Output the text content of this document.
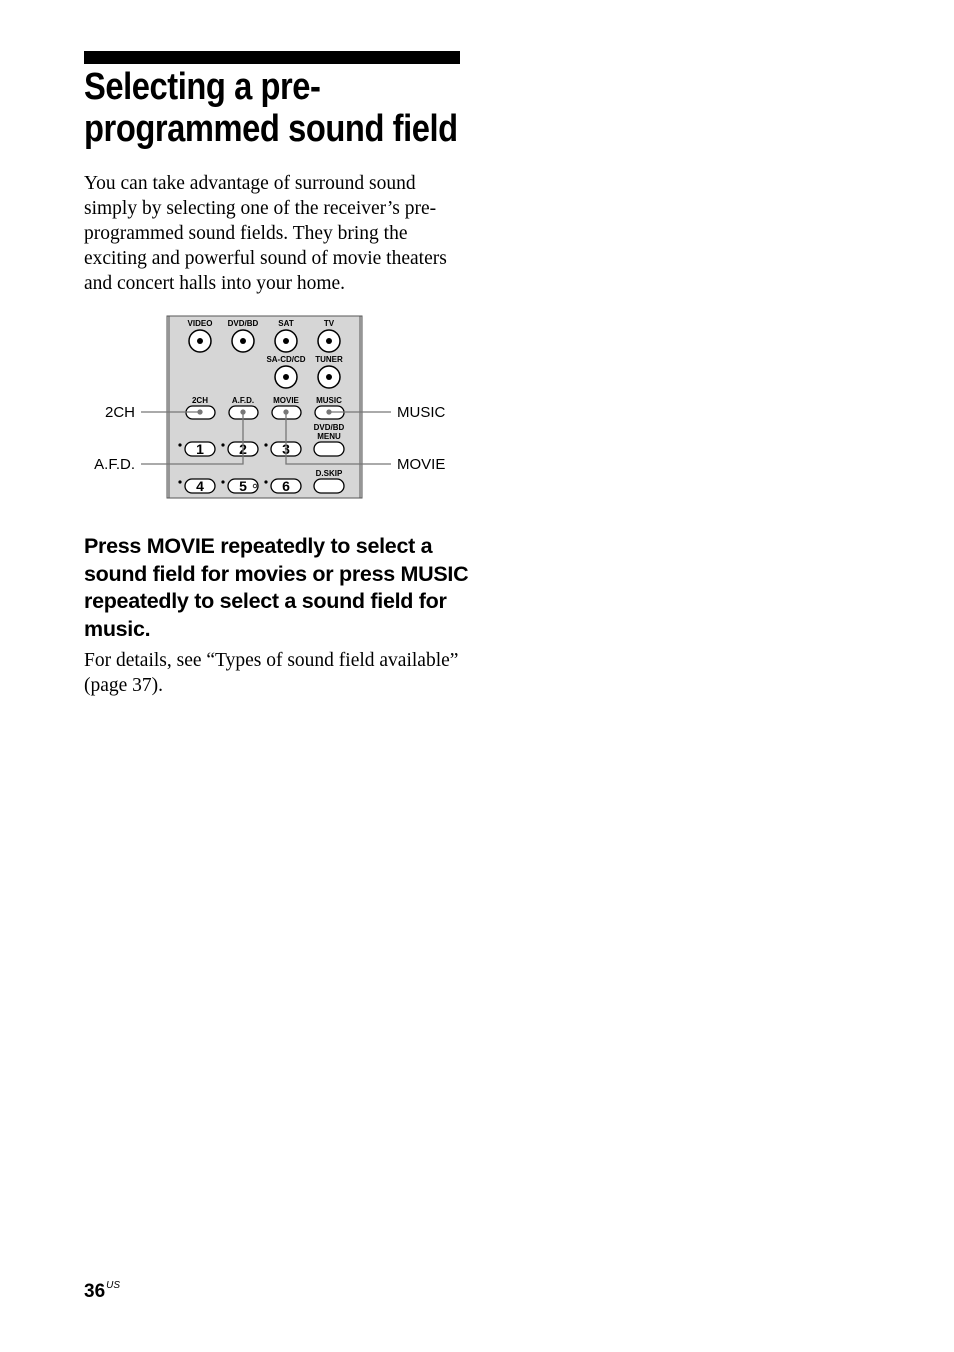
Selecting a pre-programmed sound field

You can take advantage of surround sound simply by selecting one of the receiver’s pre-programmed sound fields. They bring the exciting and powerful sound of movie theaters and concert halls into your home.

VIDEO DVD/BD SAT	TV
SA-CD/CD TUNER
2CH	A.F.D. MOVIE MUSIC
DVD/BD
MENU
1	2	3
D.SKIP
4	5	6
2CH
A.F.D.
MUSIC
MOVIE

Press MOVIE repeatedly to select a sound field for movies or press MUSIC repeatedly to select a sound field for music.

For details, see “Types of sound field available” (page 37).

$36^{US}$
